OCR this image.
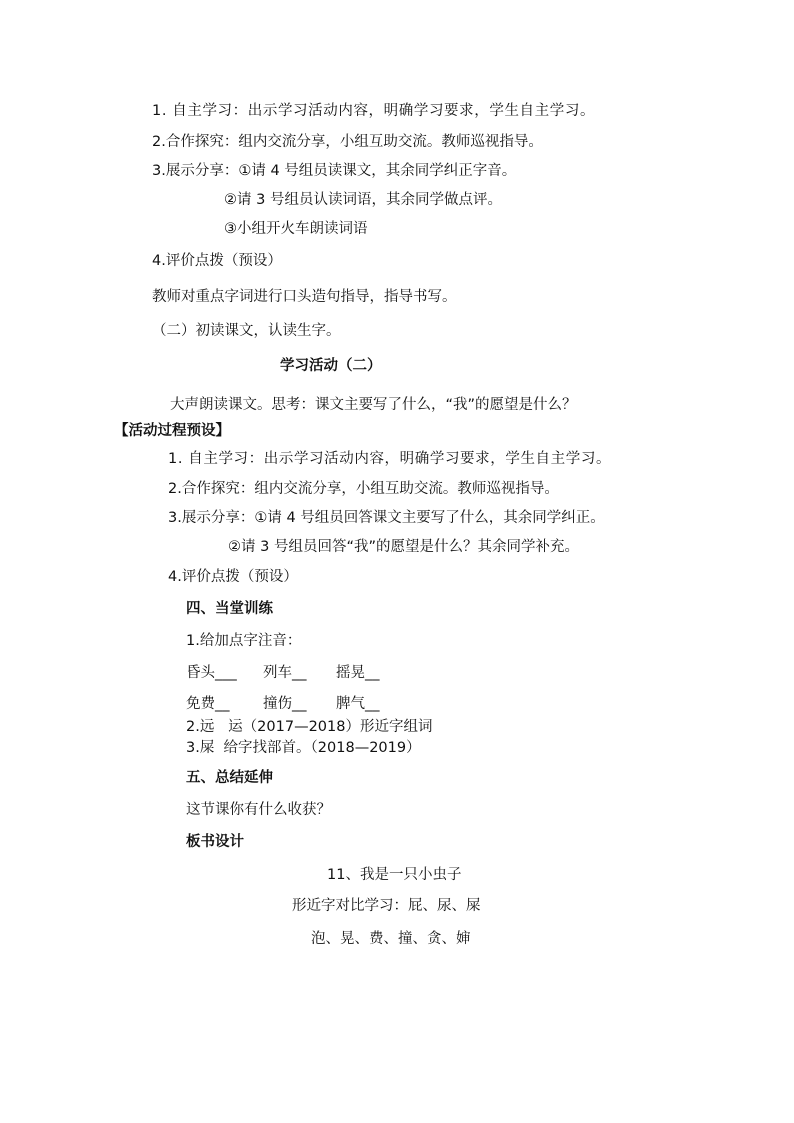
1. 自主学习：出示学习活动内容，明确学习要求，学生自主学习。
2.合作探究：组内交流分享，小组互助交流。教师巡视指导。
3.展示分享：①请 4 号组员读课文，其余同学纠正字音。
②请 3 号组员认读词语，其余同学做点评。
③小组开火车朗读词语
4.评价点拨（预设）
教师对重点字词进行口头造句指导，指导书写。
（二）初读课文，认读生字。
学习活动（二）
大声朗读课文。思考：课文主要写了什么，“我”的愿望是什么？
【活动过程预设】
1. 自主学习：出示学习活动内容，明确学习要求，学生自主学习。
2.合作探究：组内交流分享，小组互助交流。教师巡视指导。
3.展示分享：①请 4 号组员回答课文主要写了什么，其余同学纠正。
②请 3 号组员回答“我”的愿望是什么？其余同学补充。
4.评价点拨（预设）
四、当堂训练
1.给加点字注音：
昏头___ 列车__ 摇晃__
免费__ 撞伤__ 脾气__
2.远   运（2017—2018）形近字组词
3.屎  给字找部首。（2018—2019）
五、总结延伸
这节课你有什么收获？
板书设计
11、我是一只小虫子
形近字对比学习：屁、尿、屎
泡、晃、费、撞、贪、婶
